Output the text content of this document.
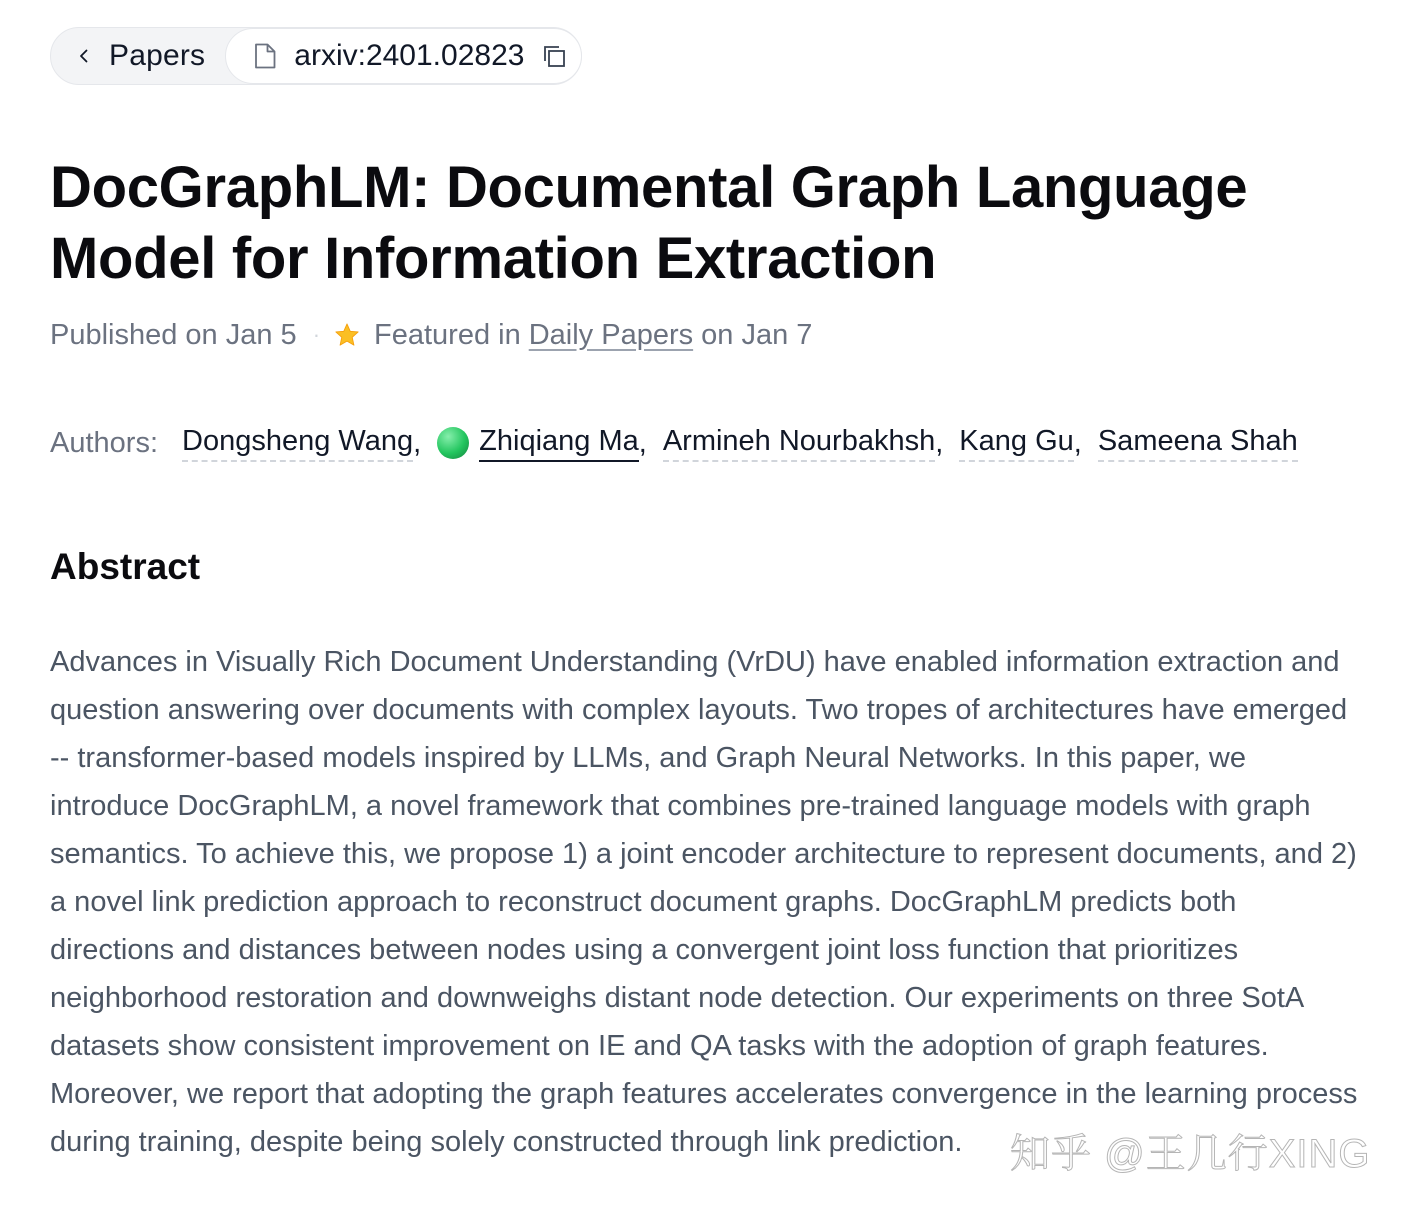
Papers	arxiv:2401.02823
DocGraphLM: Documental Graph Language Model for Information Extraction
Published on Jan 5 · Featured in Daily Papers on Jan 7
Authors: Dongsheng Wang , Zhiqiang Ma , Armineh Nourbakhsh , Kang Gu , Sameena Shah
Abstract

Advances in Visually Rich Document Understanding (VrDU) have enabled information extraction and question answering over documents with complex layouts. Two tropes of architectures have emerged -- transformer-based models inspired by LLMs, and Graph Neural Networks. In this paper, we introduce DocGraphLM, a novel framework that combines pre-trained language models with graph semantics. To achieve this, we propose 1) a joint encoder architecture to represent documents, and 2) a novel link prediction approach to reconstruct document graphs. DocGraphLM predicts both directions and distances between nodes using a convergent joint loss function that prioritizes neighborhood restoration and downweighs distant node detection. Our experiments on three SotA datasets show consistent improvement on IE and QA tasks with the adoption of graph features. Moreover, we report that adopting the graph features accelerates convergence in the learning process during training, despite being solely constructed through link prediction.	知乎 @王几行XING
